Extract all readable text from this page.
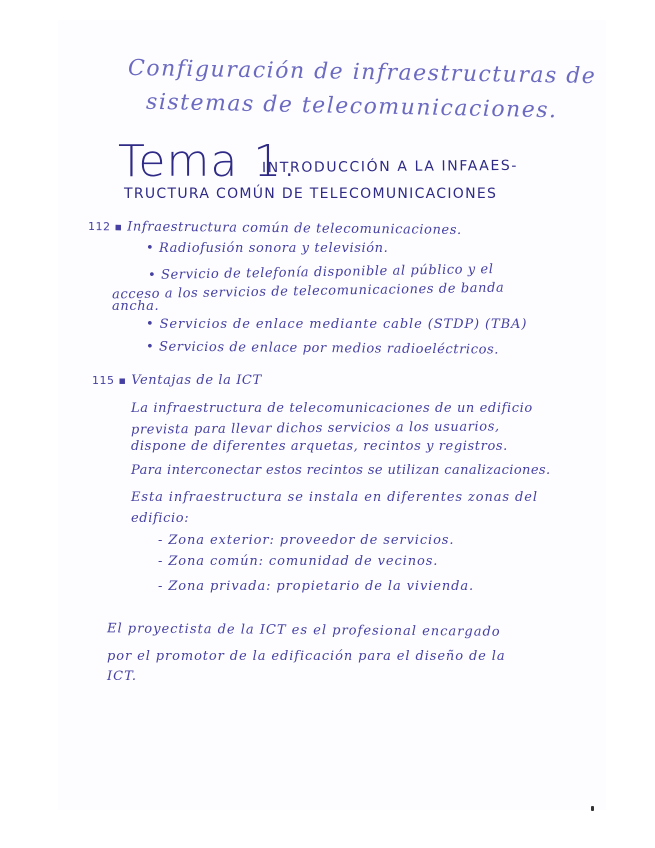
Configuración de infraestructuras de

sistemas de telecomunicaciones.

Tema 1.

INTRODUCCIÓN A LA INFAAES-

TRUCTURA COMÚN DE TELECOMUNICACIONES

112 ▪ Infraestructura común de telecomunicaciones.

• Radiofusión sonora y televisión.

• Servicio de telefonía disponible al público y el

acceso a los servicios de telecomunicaciones de banda

ancha.

• Servicios de enlace mediante cable (STDP) (TBA)

• Servicios de enlace por medios radioeléctricos.

115 ▪ Ventajas de la ICT

La infraestructura de telecomunicaciones de un edificio

prevista para llevar dichos servicios a los usuarios,

dispone de diferentes arquetas, recintos y registros.

Para interconectar estos recintos se utilizan canalizaciones.

Esta infraestructura se instala en diferentes zonas del

edificio:

- Zona exterior: proveedor de servicios.

- Zona común: comunidad de vecinos.

- Zona privada: propietario de la vivienda.

El proyectista de la ICT es el profesional encargado

por el promotor de la edificación para el diseño de la

ICT.
